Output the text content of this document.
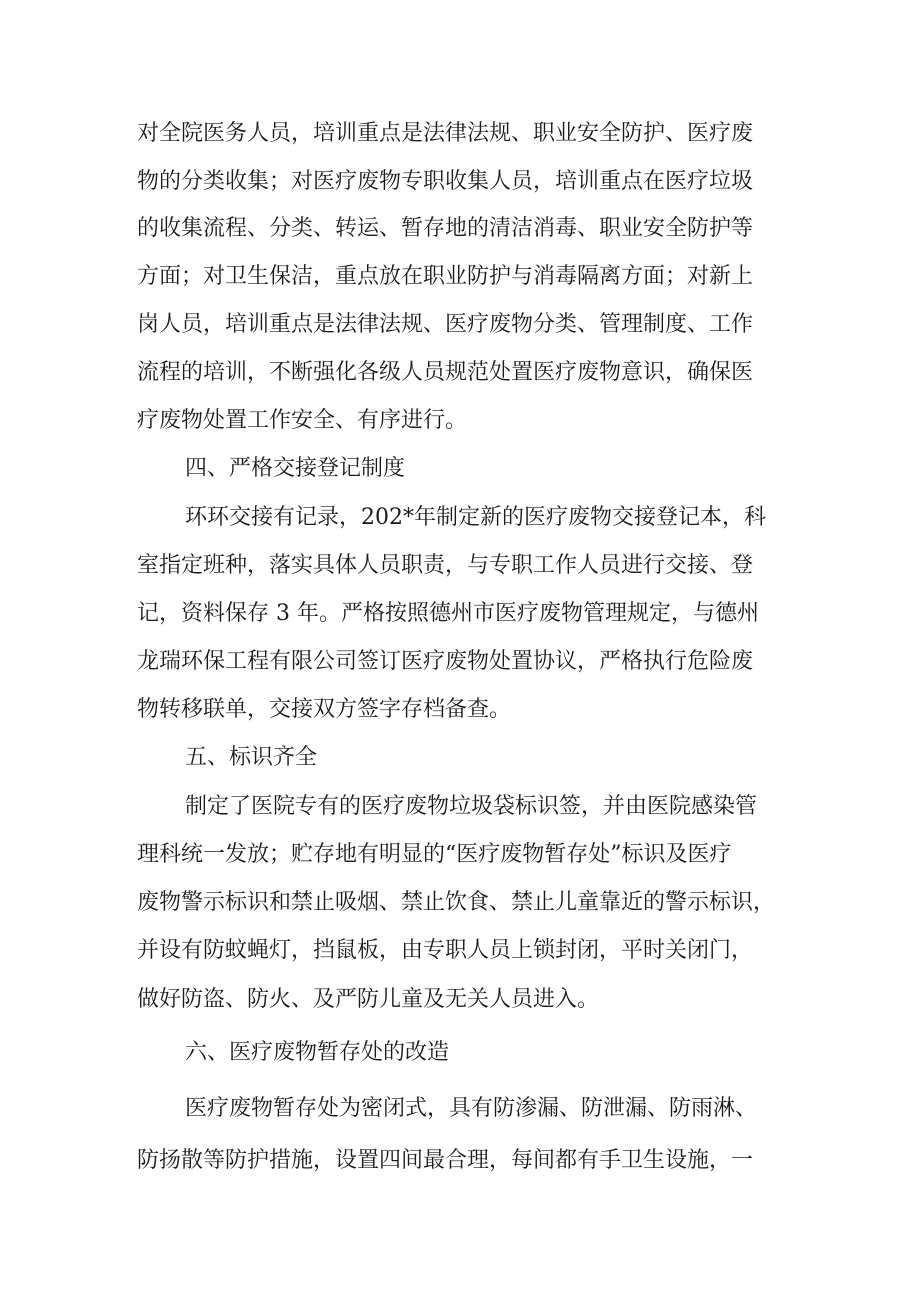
对全院医务人员，培训重点是法律法规、职业安全防护、医疗废

物的分类收集；对医疗废物专职收集人员，培训重点在医疗垃圾

的收集流程、分类、转运、暂存地的清洁消毒、职业安全防护等

方面；对卫生保洁，重点放在职业防护与消毒隔离方面；对新上

岗人员，培训重点是法律法规、医疗废物分类、管理制度、工作

流程的培训，不断强化各级人员规范处置医疗废物意识，确保医

疗废物处置工作安全、有序进行。

四、严格交接登记制度

环环交接有记录，202*年制定新的医疗废物交接登记本，科

室指定班种，落实具体人员职责，与专职工作人员进行交接、登

记，资料保存 3 年。严格按照德州市医疗废物管理规定，与德州

龙瑞环保工程有限公司签订医疗废物处置协议，严格执行危险废

物转移联单，交接双方签字存档备查。

五、标识齐全

制定了医院专有的医疗废物垃圾袋标识签，并由医院感染管

理科统一发放；贮存地有明显的“医疗废物暂存处”标识及医疗

废物警示标识和禁止吸烟、禁止饮食、禁止儿童靠近的警示标识，

并设有防蚊蝇灯，挡鼠板，由专职人员上锁封闭，平时关闭门，

做好防盗、防火、及严防儿童及无关人员进入。

六、医疗废物暂存处的改造

医疗废物暂存处为密闭式，具有防渗漏、防泄漏、防雨淋、

防扬散等防护措施，设置四间最合理，每间都有手卫生设施，一
